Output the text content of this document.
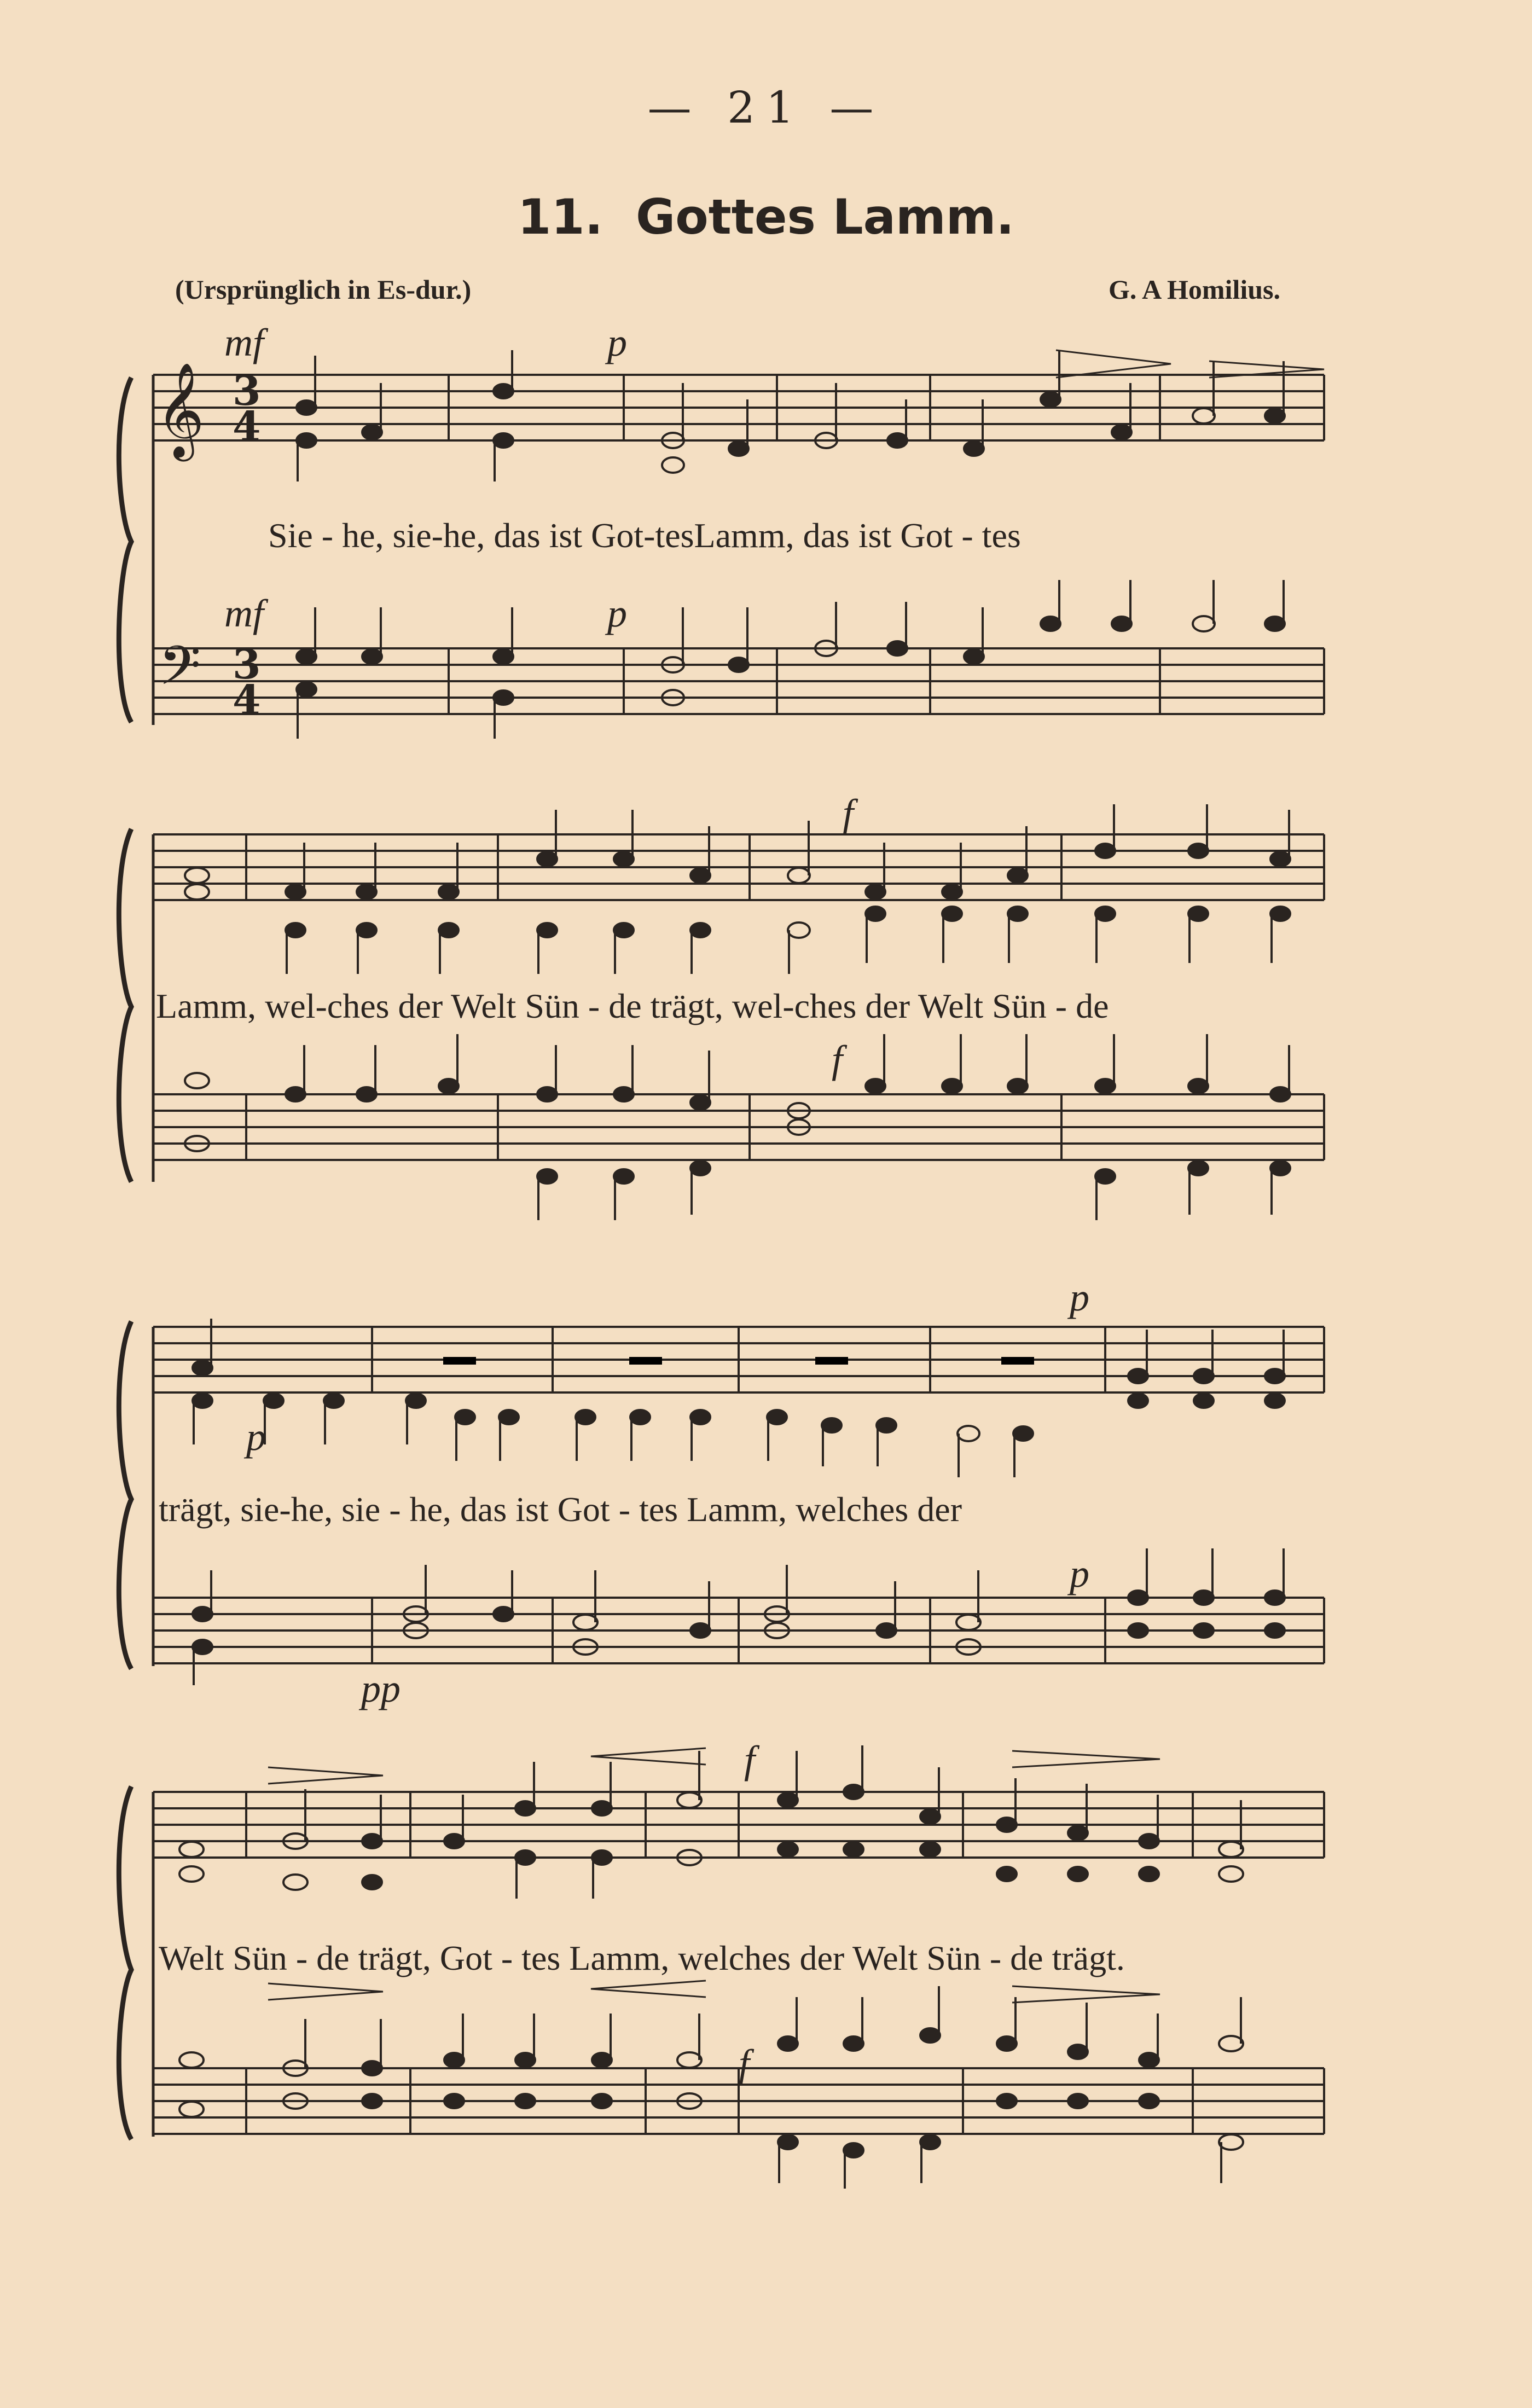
— 21 —
11. Gottes Lamm.
(Ursprünglich in Es-dur.)	G. A Homilius.
𝄞 3
4
mf	p
Sie - he, sie-he, das ist Got-tesLamm, das ist Got - tes
𝄢 3
4
mf	p
f
Lamm, wel-ches der Welt Sün - de trägt, wel-ches der Welt Sün - de
f
p
p
trägt, sie-he, sie - he, das ist Got - tes Lamm, welches der
p
pp
f
Welt Sün - de trägt, Got - tes Lamm, welches der Welt Sün - de trägt.
f
